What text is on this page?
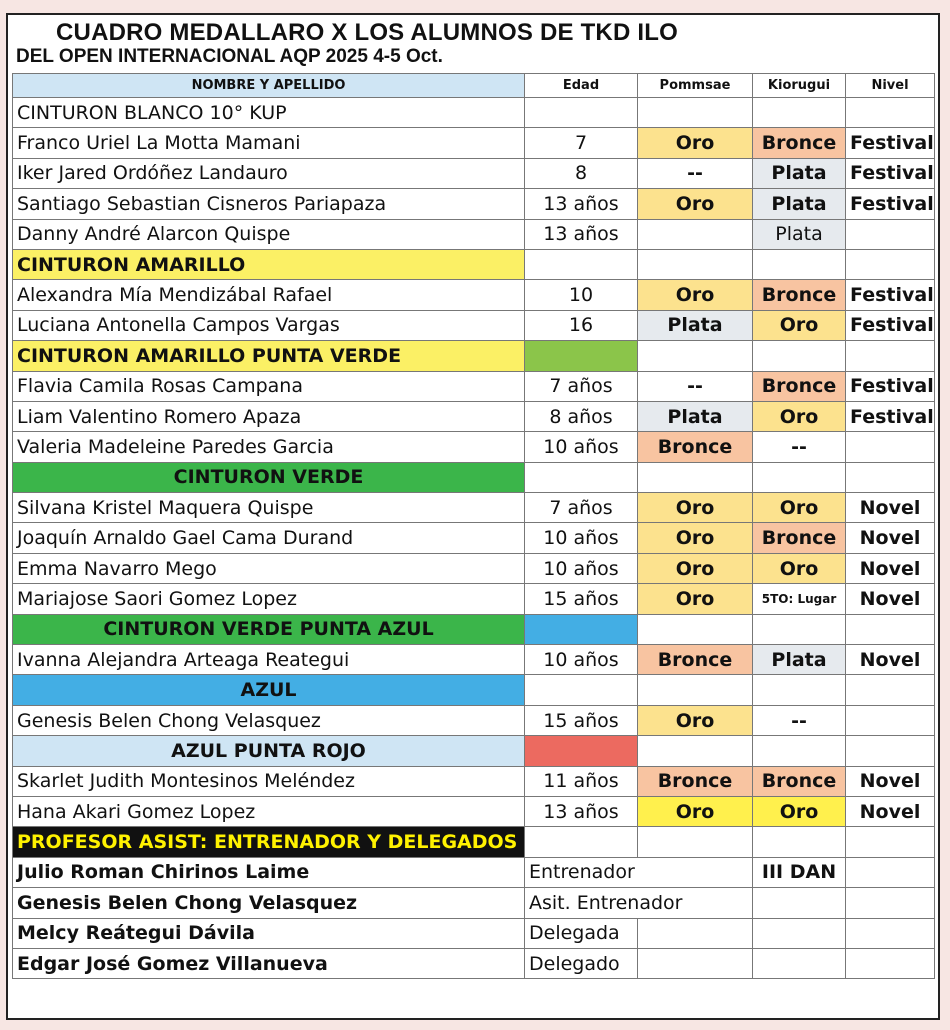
CUADRO MEDALLARO X LOS ALUMNOS DE TKD ILO
DEL OPEN INTERNACIONAL AQP 2025 4-5 Oct.
NOMBRE Y APELLIDO	Edad	Pommsae	Kiorugui	Nivel
CINTURON BLANCO 10° KUP				
Franco Uriel La Motta Mamani	7	Oro	Bronce	Festival
Iker Jared Ordóñez Landauro	8	--	Plata	Festival
Santiago Sebastian Cisneros Pariapaza	13 años	Oro	Plata	Festival
Danny André Alarcon Quispe	13 años		Plata	
CINTURON AMARILLO				
Alexandra Mía Mendizábal Rafael	10	Oro	Bronce	Festival
Luciana Antonella Campos Vargas	16	Plata	Oro	Festival
CINTURON AMARILLO PUNTA VERDE				
Flavia Camila Rosas Campana	7 años	--	Bronce	Festival
Liam Valentino Romero Apaza	8 años	Plata	Oro	Festival
Valeria Madeleine Paredes Garcia	10 años	Bronce	--	
CINTURON VERDE				
Silvana Kristel Maquera Quispe	7 años	Oro	Oro	Novel
Joaquín Arnaldo Gael Cama Durand	10 años	Oro	Bronce	Novel
Emma Navarro Mego	10 años	Oro	Oro	Novel
Mariajose Saori Gomez Lopez	15 años	Oro	5TO: Lugar	Novel
CINTURON VERDE PUNTA AZUL				
Ivanna Alejandra Arteaga Reategui	10 años	Bronce	Plata	Novel
AZUL				
Genesis Belen Chong Velasquez	15 años	Oro	--	
AZUL PUNTA ROJO				
Skarlet Judith Montesinos Meléndez	11 años	Bronce	Bronce	Novel
Hana Akari Gomez Lopez	13 años	Oro	Oro	Novel
PROFESOR ASIST: ENTRENADOR Y DELEGADOS				
Julio Roman Chirinos Laime	Entrenador		III DAN	
Genesis Belen Chong Velasquez	Asit. Entrenador			
Melcy Reátegui Dávila	Delegada			
Edgar José Gomez Villanueva	Delegado			
